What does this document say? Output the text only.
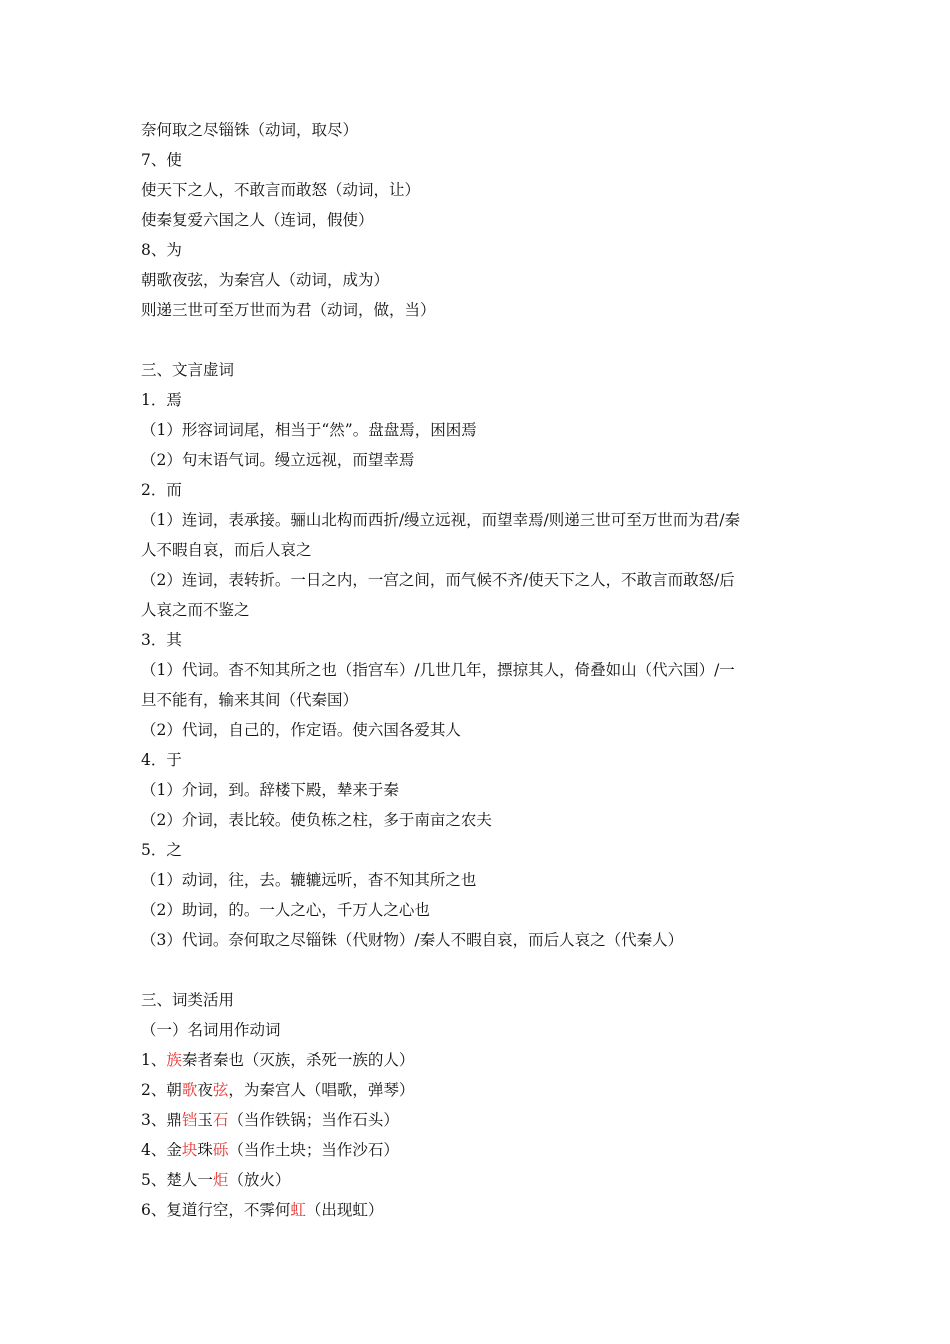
奈何取之尽锱铢（动词，取尽）
7、使
使天下之人，不敢言而敢怒（动词，让）
使秦复爱六国之人（连词，假使）
8、为
朝歌夜弦，为秦宫人（动词，成为）
则递三世可至万世而为君（动词，做，当）
三、文言虚词
1．焉
（1）形容词词尾，相当于“然”。盘盘焉，困困焉
（2）句末语气词。缦立远视，而望幸焉
2．而
（1）连词，表承接。骊山北构而西折/缦立远视，而望幸焉/则递三世可至万世而为君/秦
人不暇自哀，而后人哀之
（2）连词，表转折。一日之内，一宫之间，而气候不齐/使天下之人，不敢言而敢怒/后
人哀之而不鉴之
3．其
（1）代词。杳不知其所之也（指宫车）/几世几年，摽掠其人，倚叠如山（代六国）/一
旦不能有，输来其间（代秦国）
（2）代词，自己的，作定语。使六国各爱其人
4．于
（1）介词，到。辞楼下殿，辇来于秦
（2）介词，表比较。使负栋之柱，多于南亩之农夫
5．之
（1）动词，往，去。辘辘远听，杳不知其所之也
（2）助词，的。一人之心，千万人之心也
（3）代词。奈何取之尽锱铢（代财物）/秦人不暇自哀，而后人哀之（代秦人）
三、词类活用
（一）名词用作动词
1、族秦者秦也（灭族，杀死一族的人）
2、朝歌夜弦，为秦宫人（唱歌，弹琴）
3、鼎铛玉石（当作铁锅；当作石头）
4、金块珠砾（当作土块；当作沙石）
5、楚人一炬（放火）
6、复道行空，不霁何虹（出现虹）
